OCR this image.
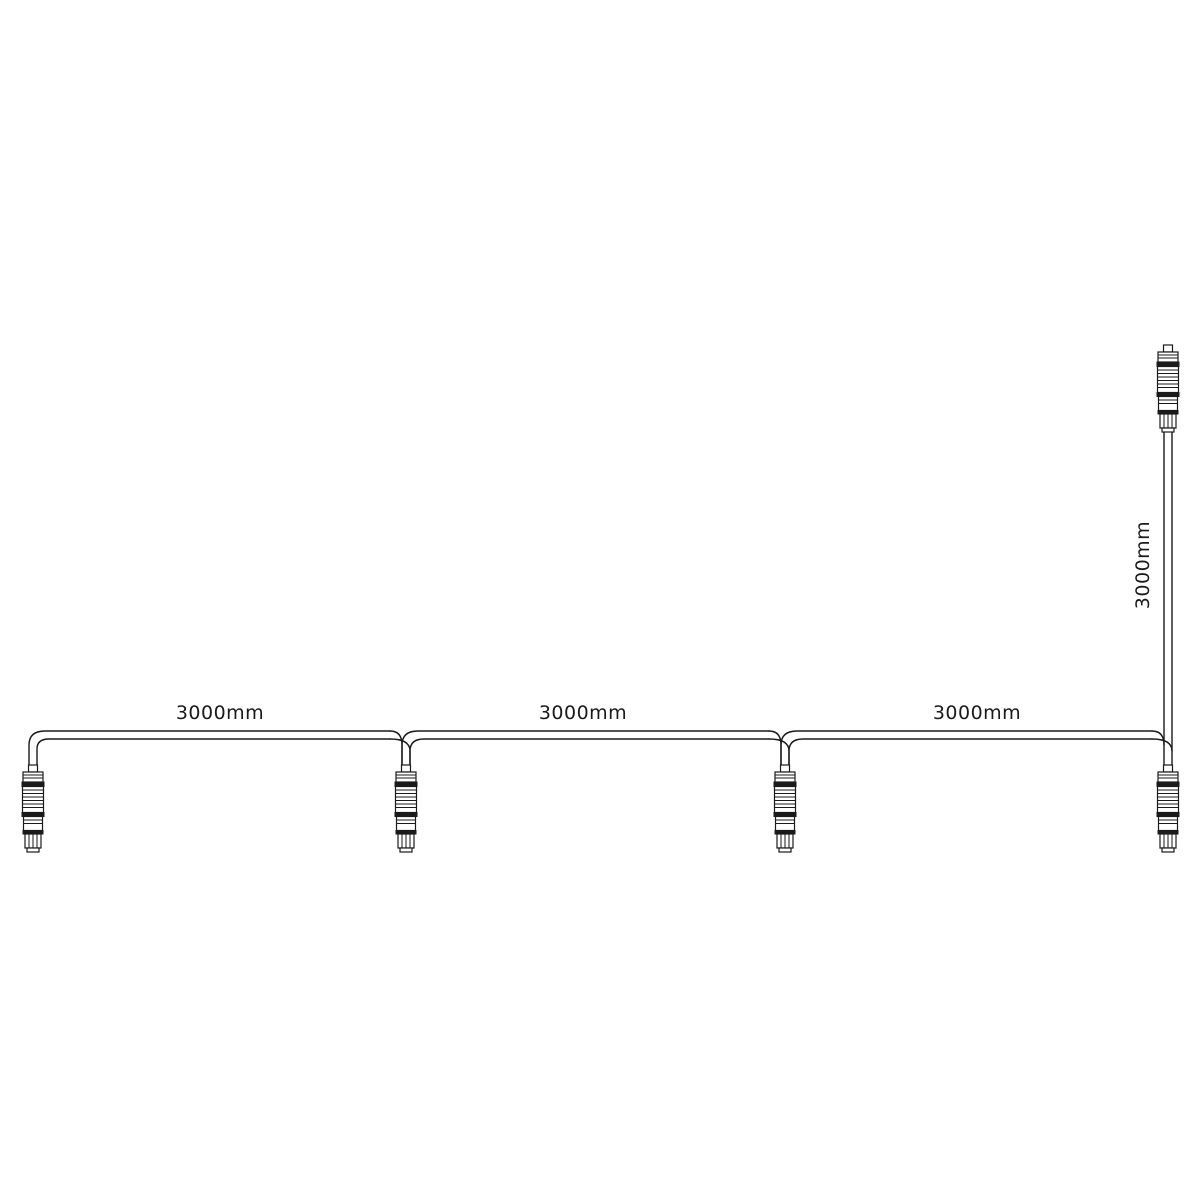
3000mm	3000mm	3000mm
3000mm
